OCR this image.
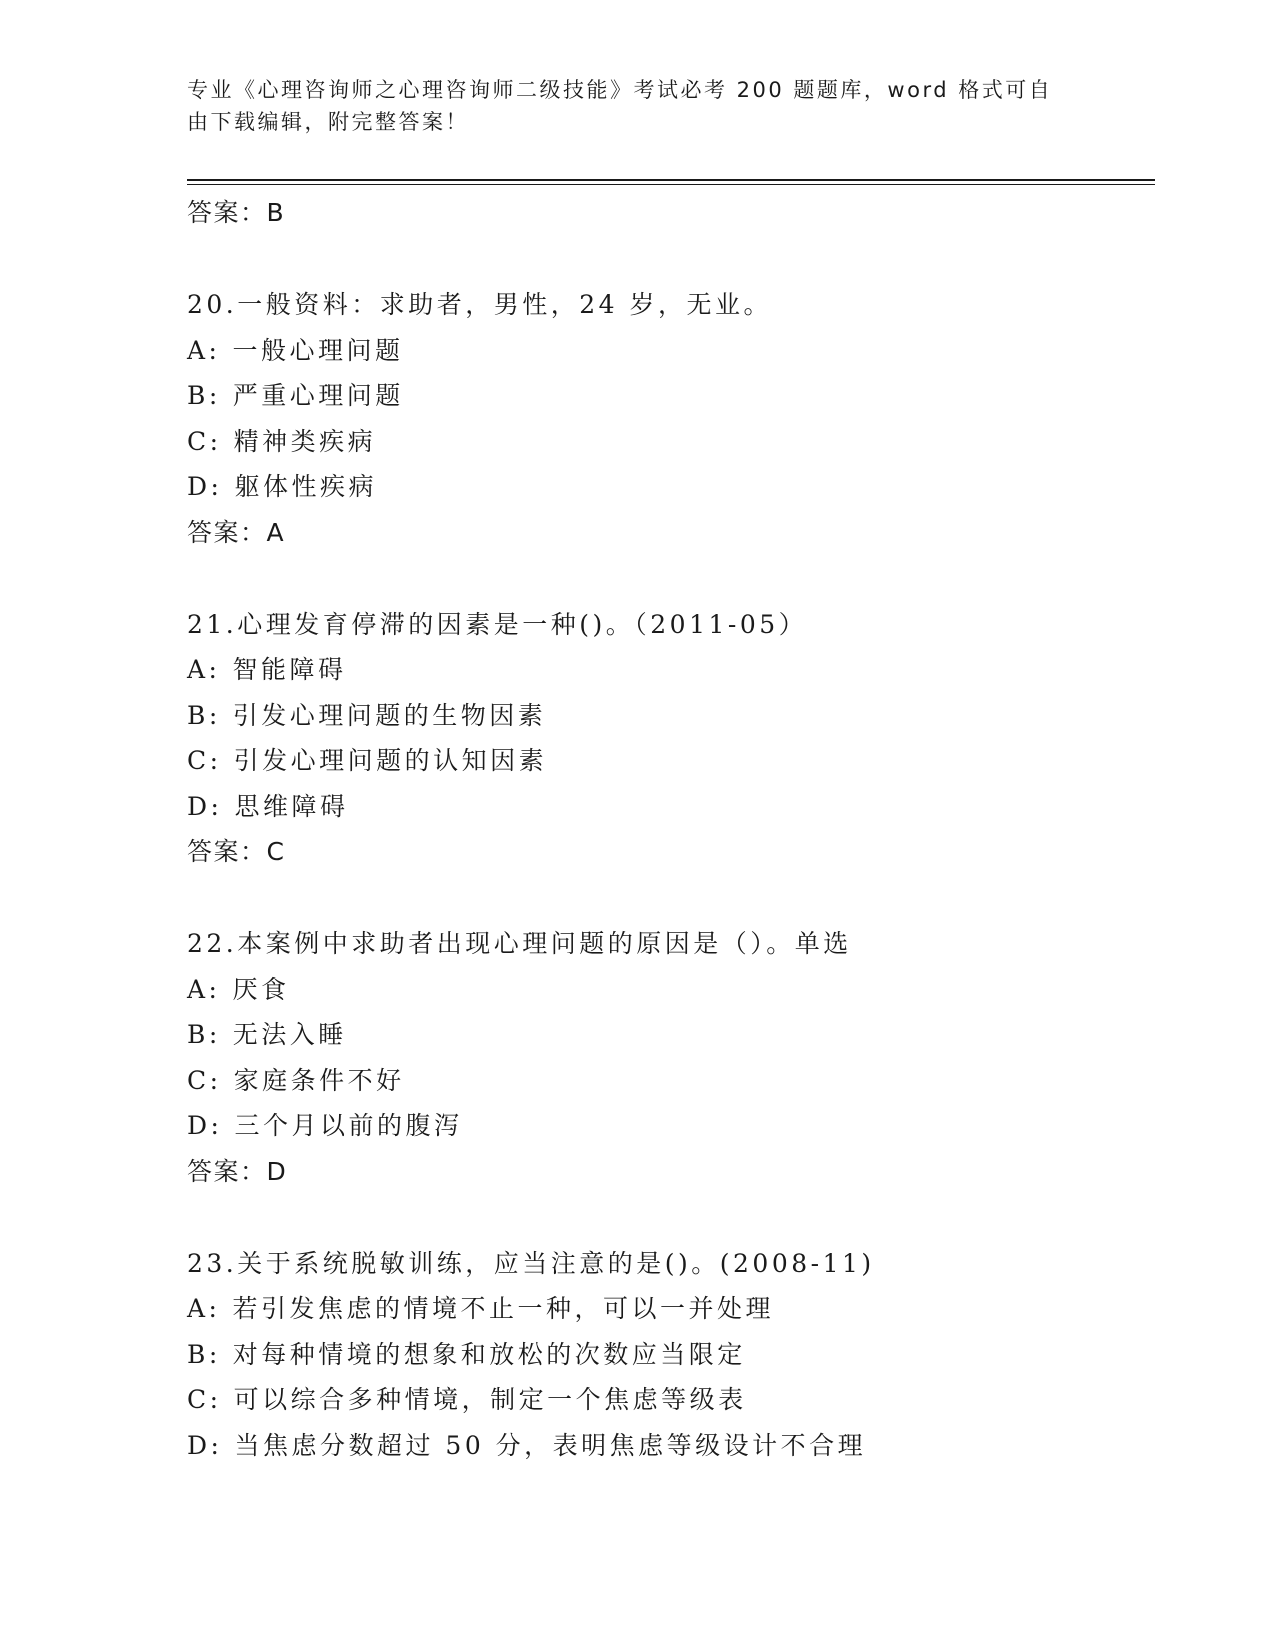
专业《心理咨询师之心理咨询师二级技能》考试必考 200 题题库，word 格式可自
由下载编辑，附完整答案！

答案：B

20.一般资料：求助者，男性，24 岁，无业。

A: 一般心理问题

B: 严重心理问题

C: 精神类疾病

D: 躯体性疾病

答案：A

21.心理发育停滞的因素是一种()。（2011-05）

A: 智能障碍

B: 引发心理问题的生物因素

C: 引发心理问题的认知因素

D: 思维障碍

答案：C

22.本案例中求助者出现心理问题的原因是（）。单选

A: 厌食

B: 无法入睡

C: 家庭条件不好

D: 三个月以前的腹泻

答案：D

23.关于系统脱敏训练，应当注意的是()。(2008-11)

A: 若引发焦虑的情境不止一种，可以一并处理

B: 对每种情境的想象和放松的次数应当限定

C: 可以综合多种情境，制定一个焦虑等级表

D: 当焦虑分数超过 50 分，表明焦虑等级设计不合理
